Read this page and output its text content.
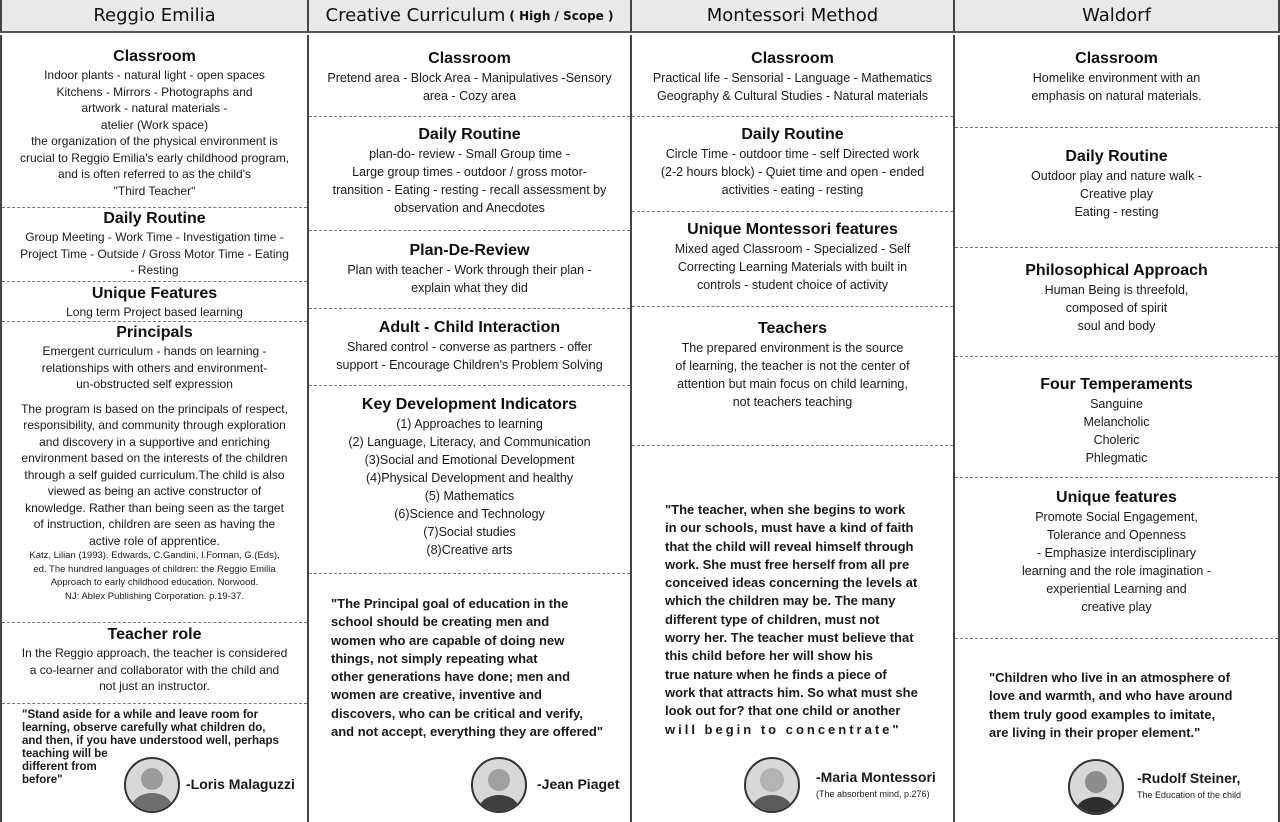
Reggio Emilia	Creative Curriculum ( High / Scope )	Montessori Method	Waldorf
Classroom

Indoor plants - natural light - open spaces
Kitchens - Mirrors - Photographs and
artwork - natural materials -
atelier (Work space)
the organization of the physical environment is
crucial to Reggio Emilia's early childhood program,
and is often referred to as the child's
"Third Teacher"

Daily Routine

Group Meeting - Work Time - Investigation time -
Project Time - Outside / Gross Motor Time - Eating
- Resting

Unique Features

Long term Project based learning

Principals

Emergent curriculum - hands on learning -
relationships with others and environment-
un-obstructed self expression

The program is based on the principals of respect,
responsibility, and community through exploration
and discovery in a supportive and enriching
environment based on the interests of the children
through a self guided curriculum.The child is also
viewed as being an active constructor of
knowledge. Rather than being seen as the target
of instruction, children are seen as having the
active role of apprentice.

Katz, Lilian (1993). Edwards, C.Gandini, I.Forman, G.(Eds),
ed. The hundred languages of children: the Reggio Emilia
Approach to early childhood education. Norwood.
NJ: Ablex Publishing Corporation. p.19-37.

Teacher role

In the Reggio approach, the teacher is considered
a co-learner and collaborator with the child and
not just an instructor.

"Stand aside for a while and leave room for
learning, observe carefully what children do,
and then, if you have understood well, perhaps
teaching will be
different from
before"	-Loris Malaguzzi
Classroom

Pretend area - Block Area - Manipulatives -Sensory
area - Cozy area

Daily Routine

plan-do- review - Small Group time -
Large group times - outdoor / gross motor-
transition - Eating - resting - recall assessment by
observation and Anecdotes

Plan-De-Review

Plan with teacher - Work through their plan -
explain what they did

Adult - Child Interaction

Shared control - converse as partners - offer
support - Encourage Children's Problem Solving

Key Development Indicators

(1) Approaches to learning
(2) Language, Literacy, and Communication
(3)Social and Emotional Development
(4)Physical Development and healthy
(5) Mathematics
(6)Science and Technology
(7)Social studies
(8)Creative arts

"The Principal goal of education in the
school should be creating men and
women who are capable of doing new
things, not simply repeating what
other generations have done; men and
women are creative, inventive and
discovers, who can be critical and verify,
and not accept, everything they are offered"
-Jean Piaget
Classroom

Practical life - Sensorial - Language - Mathematics
Geography & Cultural Studies - Natural materials

Daily Routine

Circle Time - outdoor time - self Directed work
(2-2 hours block) - Quiet time and open - ended
activities - eating - resting

Unique Montessori features

Mixed aged Classroom - Specialized - Self
Correcting Learning Materials with built in
controls - student choice of activity

Teachers

The prepared environment is the source
of learning, the teacher is not the center of
attention but main focus on child learning,
not teachers teaching

"The teacher, when she begins to work
in our schools, must have a kind of faith
that the child will reveal himself through
work. She must free herself from all pre
conceived ideas concerning the levels at
which the children may be. The many
different type of children, must not
worry her. The teacher must believe that
this child before her will show his
true nature when he finds a piece of
work that attracts him. So what must she
look out for? that one child or another
will begin to concentrate"
-Maria Montessori
(The absorbent mind, p.276)
Classroom

Homelike environment with an
emphasis on natural materials.

Daily Routine

Outdoor play and nature walk -
Creative play
Eating - resting

Philosophical Approach

Human Being is threefold,
composed of spirit
soul and body

Four Temperaments

Sanguine
Melancholic
Choleric
Phlegmatic

Unique features

Promote Social Engagement,
Tolerance and Openness
- Emphasize interdisciplinary
learning and the role imagination -
experiential Learning and
creative play

"Children who live in an atmosphere of
love and warmth, and who have around
them truly good examples to imitate,
are living in their proper element."
-Rudolf Steiner,
The Education of the child
